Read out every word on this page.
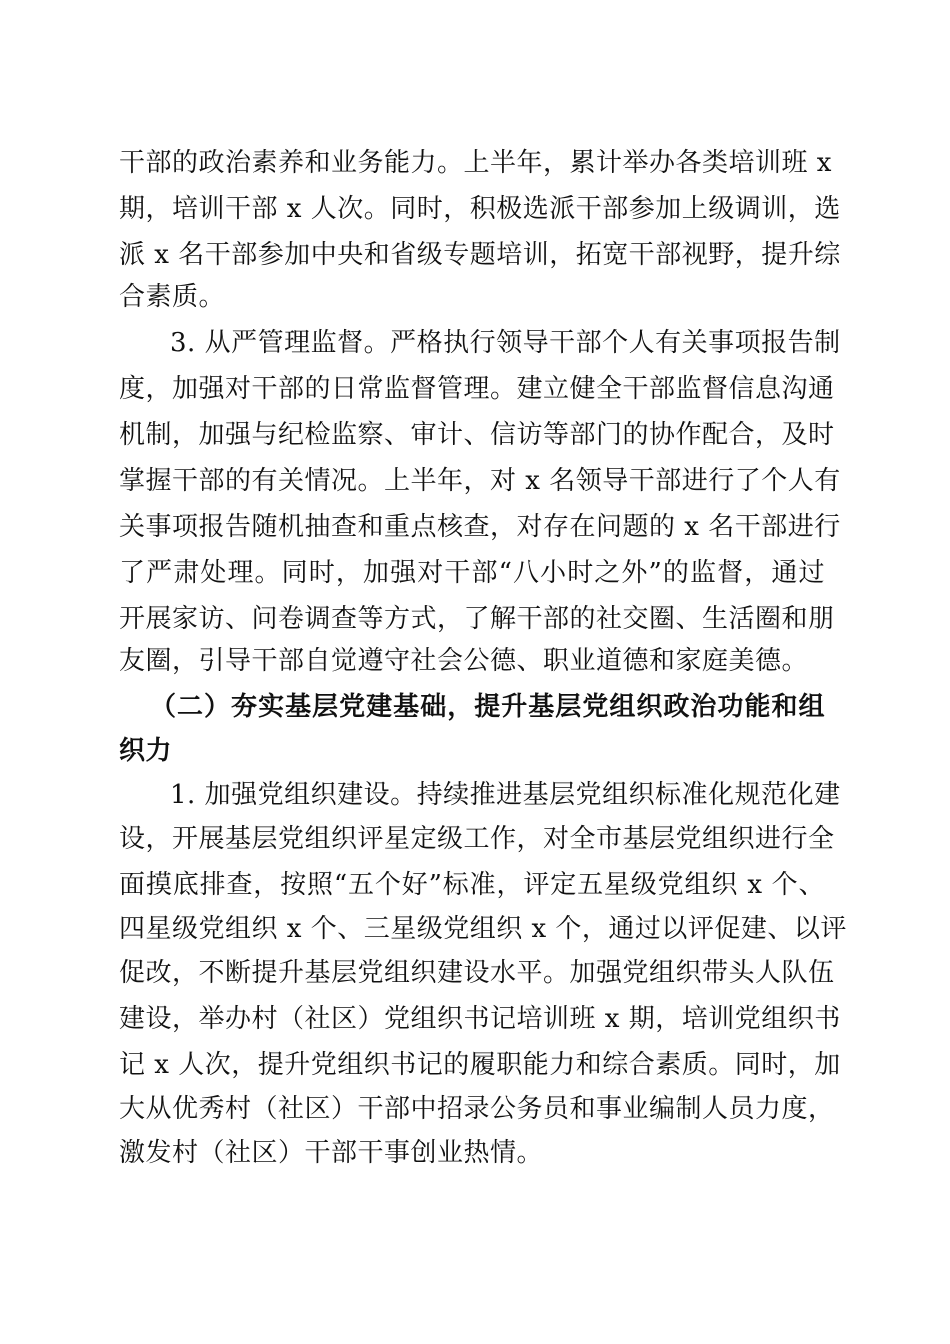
干部的政治素养和业务能力。上半年，累计举办各类培训班 x
期，培训干部 x 人次。同时，积极选派干部参加上级调训，选
派 x 名干部参加中央和省级专题培训，拓宽干部视野，提升综
合素质。
3. 从严管理监督。严格执行领导干部个人有关事项报告制
度，加强对干部的日常监督管理。建立健全干部监督信息沟通
机制，加强与纪检监察、审计、信访等部门的协作配合，及时
掌握干部的有关情况。上半年，对 x 名领导干部进行了个人有
关事项报告随机抽查和重点核查，对存在问题的 x 名干部进行
了严肃处理。同时，加强对干部“八小时之外”的监督，通过
开展家访、问卷调查等方式，了解干部的社交圈、生活圈和朋
友圈，引导干部自觉遵守社会公德、职业道德和家庭美德。
（二）夯实基层党建基础，提升基层党组织政治功能和组
织力
1. 加强党组织建设。持续推进基层党组织标准化规范化建
设，开展基层党组织评星定级工作，对全市基层党组织进行全
面摸底排查，按照“五个好”标准，评定五星级党组织 x 个、
四星级党组织 x 个、三星级党组织 x 个，通过以评促建、以评
促改，不断提升基层党组织建设水平。加强党组织带头人队伍
建设，举办村（社区）党组织书记培训班 x 期，培训党组织书
记 x 人次，提升党组织书记的履职能力和综合素质。同时，加
大从优秀村（社区）干部中招录公务员和事业编制人员力度，
激发村（社区）干部干事创业热情。
